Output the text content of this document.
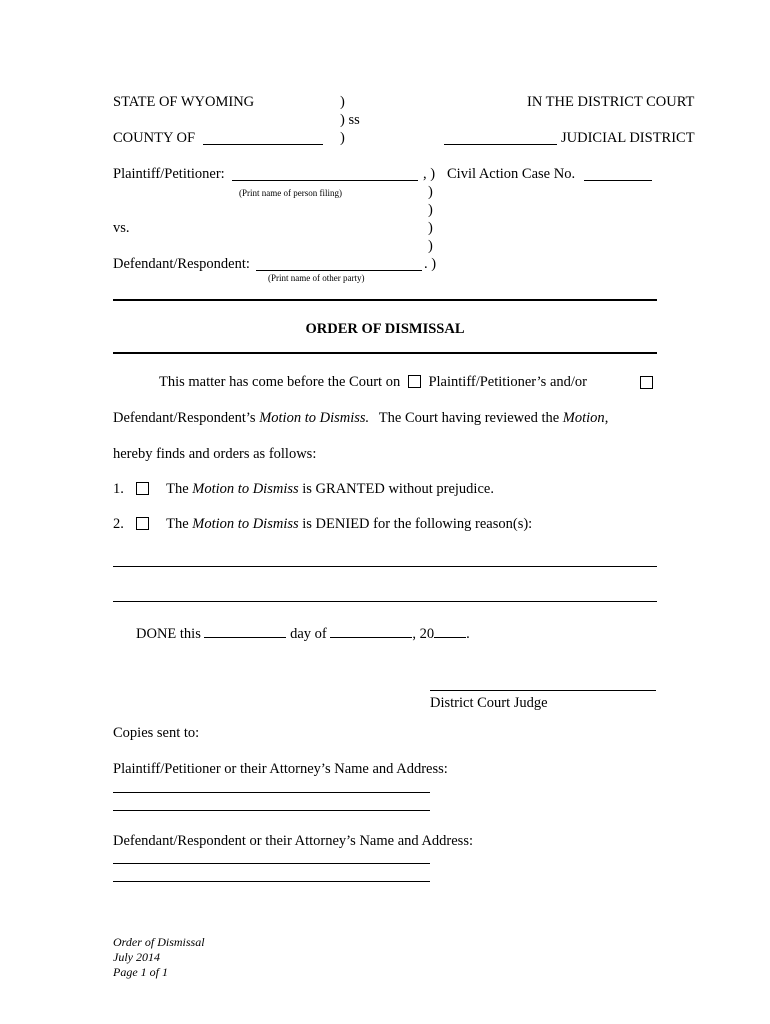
STATE OF WYOMING	)
) ss
)
IN THE DISTRICT COURT
COUNTY OF	JUDICIAL DISTRICT
Plaintiff/Petitioner:	, )
(Print name of person filing)
Civil Action Case No.
)
)
vs.	)
)
Defendant/Respondent:	. )
(Print name of other party)
ORDER OF DISMISSAL
This matter has come before the Court on Plaintiff/Petitioner’s and/or
Defendant/Respondent’s Motion to Dismiss. The Court having reviewed the Motion,
hereby finds and orders as follows:
1.	The Motion to Dismiss is GRANTED without prejudice.
2.	The Motion to Dismiss is DENIED for the following reason(s):
DONE this	day of	, 20 .
District Court Judge
Copies sent to:
Plaintiff/Petitioner or their Attorney’s Name and Address:
Defendant/Respondent or their Attorney’s Name and Address:
Order of Dismissal
July 2014
Page 1 of 1
